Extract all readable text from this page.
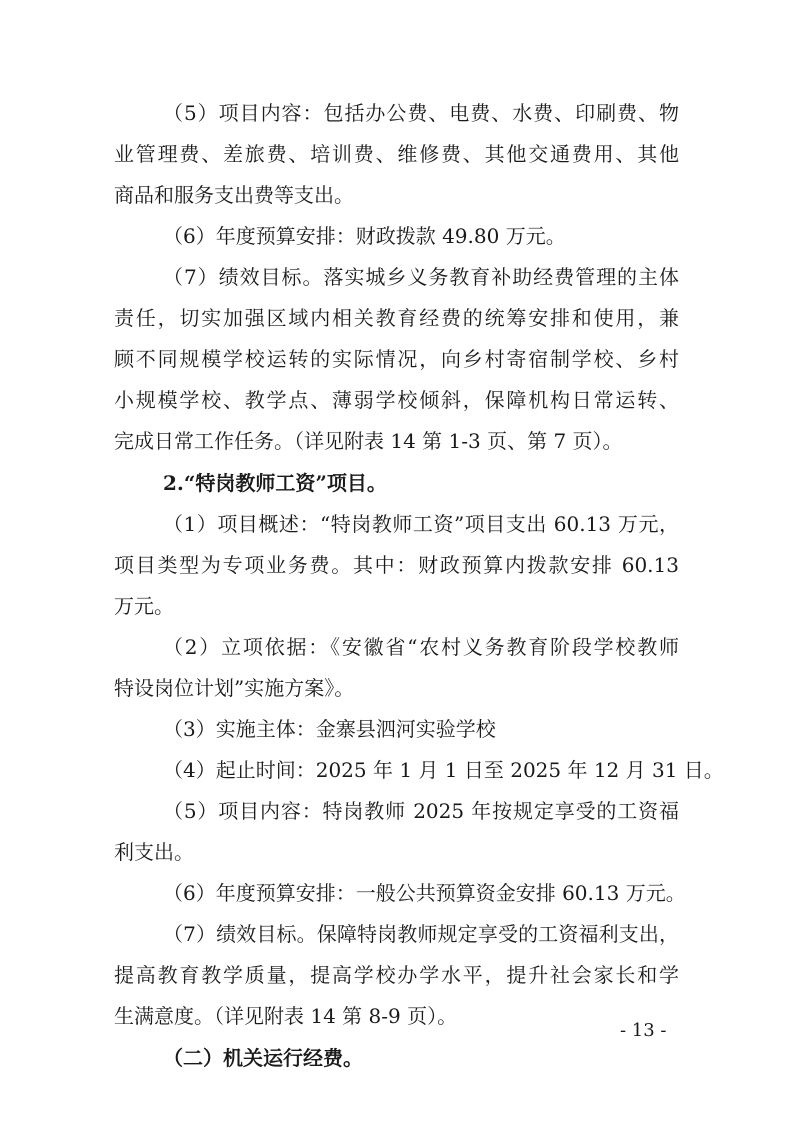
（5）项目内容：包括办公费、电费、水费、印刷费、物
业管理费、差旅费、培训费、维修费、其他交通费用、其他
商品和服务支出费等支出。
（6）年度预算安排：财政拨款 49.80 万元。
（7）绩效目标。落实城乡义务教育补助经费管理的主体
责任，切实加强区域内相关教育经费的统筹安排和使用，兼
顾不同规模学校运转的实际情况，向乡村寄宿制学校、乡村
小规模学校、教学点、薄弱学校倾斜，保障机构日常运转、
完成日常工作任务。（详见附表 14 第 1-3 页、第 7 页）。
2.“特岗教师工资”项目。
（1）项目概述：“特岗教师工资”项目支出 60.13 万元，
项目类型为专项业务费。其中：财政预算内拨款安排 60.13
万元。
（2）立项依据：《安徽省“农村义务教育阶段学校教师
特设岗位计划”实施方案》。
（3）实施主体：金寨县泗河实验学校
（4）起止时间：2025 年 1 月 1 日至 2025 年 12 月 31 日。
（5）项目内容：特岗教师 2025 年按规定享受的工资福
利支出。
（6）年度预算安排：一般公共预算资金安排 60.13 万元。
（7）绩效目标。保障特岗教师规定享受的工资福利支出，
提高教育教学质量，提高学校办学水平，提升社会家长和学
生满意度。（详见附表 14 第 8-9 页）。
（二）机关运行经费。
- 13 -
